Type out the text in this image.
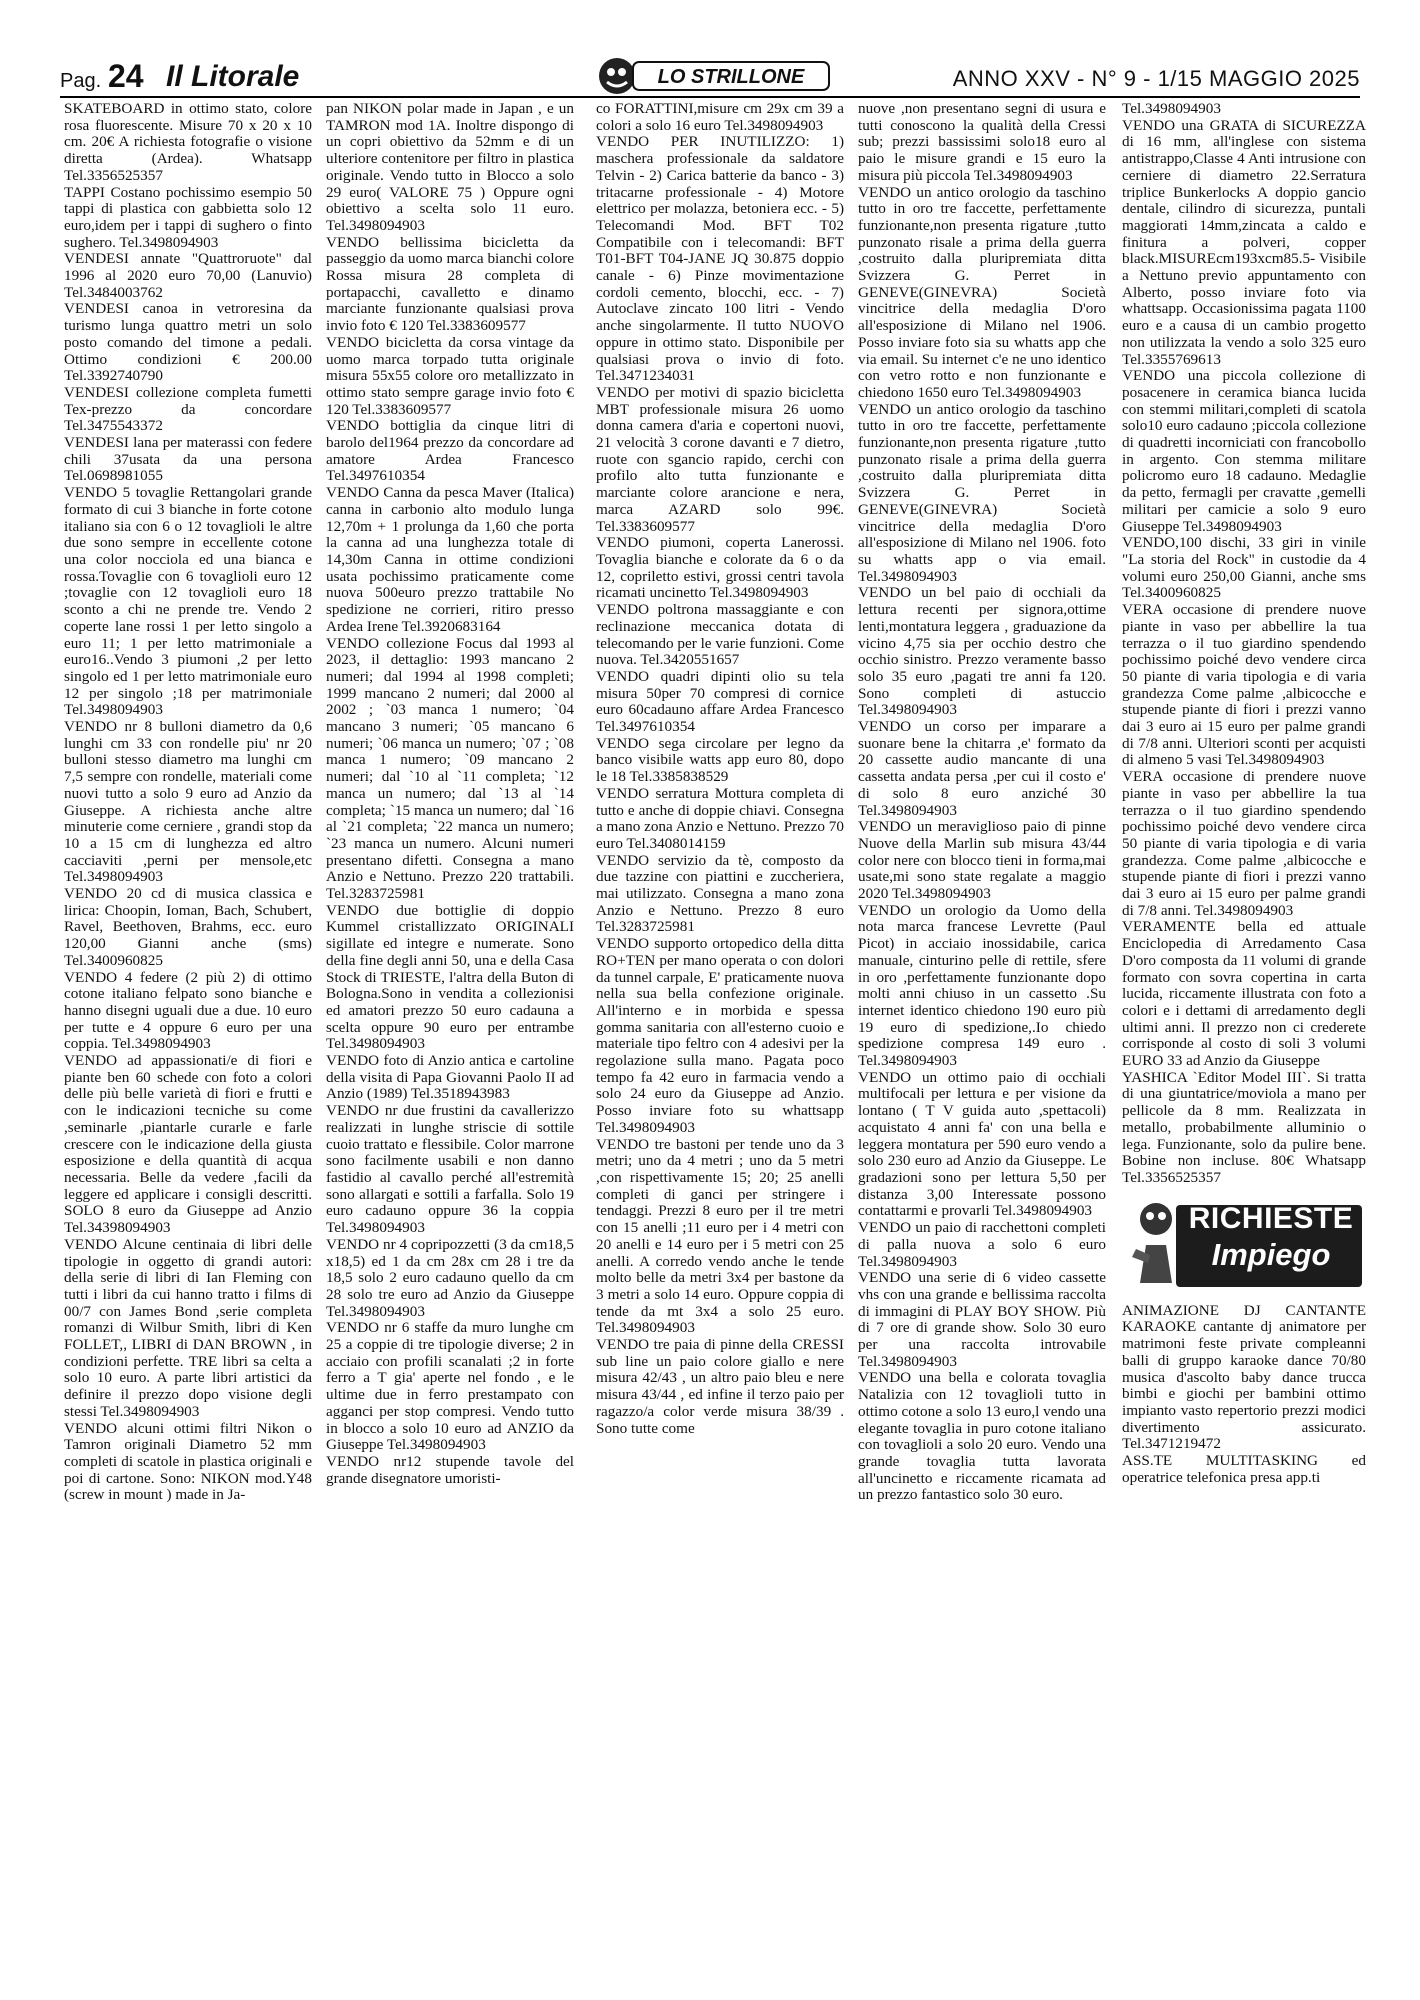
Pag. 24 Il Litorale	LO STRILLONE	ANNO XXV - N° 9 - 1/15 MAGGIO 2025

SKATEBOARD in ottimo stato, colore rosa fluorescente. Misure 70 x 20 x 10 cm. 20€ A richiesta fotografie o visione diretta (Ardea). Whatsapp Tel.3356525357

TAPPI Costano pochissimo esempio 50 tappi di plastica con gabbietta solo 12 euro,idem per i tappi di sughero o finto sughero. Tel.3498094903

VENDESI annate "Quattroruote" dal 1996 al 2020 euro 70,00 (Lanuvio) Tel.3484003762

VENDESI canoa in vetroresina da turismo lunga quattro metri un solo posto comando del timone a pedali. Ottimo condizioni € 200.00 Tel.3392740790

VENDESI collezione completa fumetti Tex-prezzo da concordare Tel.3475543372

VENDESI lana per materassi con federe chili 37usata da una persona Tel.0698981055

VENDO 5 tovaglie Rettangolari grande formato di cui 3 bianche in forte cotone italiano sia con 6 o 12 tovaglioli le altre due sono sempre in eccellente cotone una color nocciola ed una bianca e rossa.Tovaglie con 6 tovaglioli euro 12 ;tovaglie con 12 tovaglioli euro 18 sconto a chi ne prende tre. Vendo 2 coperte lane rossi 1 per letto singolo a euro 11; 1 per letto matrimoniale a euro16..Vendo 3 piumoni ,2 per letto singolo ed 1 per letto matrimoniale euro 12 per singolo ;18 per matrimoniale Tel.3498094903

VENDO nr 8 bulloni diametro da 0,6 lunghi cm 33 con rondelle piu' nr 20 bulloni stesso diametro ma lunghi cm 7,5 sempre con rondelle, materiali come nuovi tutto a solo 9 euro ad Anzio da Giuseppe. A richiesta anche altre minuterie come cerniere , grandi stop da 10 a 15 cm di lunghezza ed altro cacciaviti ,perni per mensole,etc Tel.3498094903

VENDO 20 cd di musica classica e lirica: Choopin, Ioman, Bach, Schubert, Ravel, Beethoven, Brahms, ecc. euro 120,00 Gianni anche (sms) Tel.3400960825

VENDO 4 federe (2 più 2) di ottimo cotone italiano felpato sono bianche e hanno disegni uguali due a due. 10 euro per tutte e 4 oppure 6 euro per una coppia. Tel.3498094903

VENDO ad appassionati/e di fiori e piante ben 60 schede con foto a colori delle più belle varietà di fiori e frutti e con le indicazioni tecniche su come ,seminarle ,piantarle curarle e farle crescere con le indicazione della giusta esposizione e della quantità di acqua necessaria. Belle da vedere ,facili da leggere ed applicare i consigli descritti. SOLO 8 euro da Giuseppe ad Anzio Tel.34398094903

VENDO Alcune centinaia di libri delle tipologie in oggetto di grandi autori: della serie di libri di Ian Fleming con tutti i libri da cui hanno tratto i films di 00/7 con James Bond ,serie completa romanzi di Wilbur Smith, libri di Ken FOLLET,, LIBRI di DAN BROWN , in condizioni perfette. TRE libri sa celta a solo 10 euro. A parte libri artistici da definire il prezzo dopo visione degli stessi Tel.3498094903

VENDO alcuni ottimi filtri Nikon o Tamron originali Diametro 52 mm completi di scatole in plastica originali e poi di cartone. Sono: NIKON mod.Y48 (screw in mount ) made in Ja-

pan NIKON polar made in Japan , e un TAMRON mod 1A. Inoltre dispongo di un copri obiettivo da 52mm e di un ulteriore contenitore per filtro in plastica originale. Vendo tutto in Blocco a solo 29 euro( VALORE 75 ) Oppure ogni obiettivo a scelta solo 11 euro. Tel.3498094903

VENDO bellissima bicicletta da passeggio da uomo marca bianchi colore Rossa misura 28 completa di portapacchi, cavalletto e dinamo marciante funzionante qualsiasi prova invio foto € 120 Tel.3383609577

VENDO bicicletta da corsa vintage da uomo marca torpado tutta originale misura 55x55 colore oro metallizzato in ottimo stato sempre garage invio foto € 120 Tel.3383609577

VENDO bottiglia da cinque litri di barolo del1964 prezzo da concordare ad amatore Ardea Francesco Tel.3497610354

VENDO Canna da pesca Maver (Italica) canna in carbonio alto modulo lunga 12,70m + 1 prolunga da 1,60 che porta la canna ad una lunghezza totale di 14,30m Canna in ottime condizioni usata pochissimo praticamente come nuova 500euro prezzo trattabile No spedizione ne corrieri, ritiro presso Ardea Irene Tel.3920683164

VENDO collezione Focus dal 1993 al 2023, il dettaglio: 1993 mancano 2 numeri; dal 1994 al 1998 completi; 1999 mancano 2 numeri; dal 2000 al 2002 ; `03 manca 1 numero; `04 mancano 3 numeri; `05 mancano 6 numeri; `06 manca un numero; `07 ; `08 manca 1 numero; `09 mancano 2 numeri; dal `10 al `11 completa; `12 manca un numero; dal `13 al `14 completa; `15 manca un numero; dal `16 al `21 completa; `22 manca un numero; `23 manca un numero. Alcuni numeri presentano difetti. Consegna a mano Anzio e Nettuno. Prezzo 220 trattabili. Tel.3283725981

VENDO due bottiglie di doppio Kummel cristallizzato ORIGINALI sigillate ed integre e numerate. Sono della fine degli anni 50, una e della Casa Stock di TRIESTE, l'altra della Buton di Bologna.Sono in vendita a collezionisi ed amatori prezzo 50 euro cadauna a scelta oppure 90 euro per entrambe Tel.3498094903

VENDO foto di Anzio antica e cartoline della visita di Papa Giovanni Paolo II ad Anzio (1989) Tel.3518943983

VENDO nr due frustini da cavallerizzo realizzati in lunghe striscie di sottile cuoio trattato e flessibile. Color marrone sono facilmente usabili e non danno fastidio al cavallo perché all'estremità sono allargati e sottili a farfalla. Solo 19 euro cadauno oppure 36 la coppia Tel.3498094903

VENDO nr 4 copripozzetti (3 da cm18,5 x18,5) ed 1 da cm 28x cm 28 i tre da 18,5 solo 2 euro cadauno quello da cm 28 solo tre euro ad Anzio da Giuseppe Tel.3498094903

VENDO nr 6 staffe da muro lunghe cm 25 a coppie di tre tipologie diverse; 2 in acciaio con profili scanalati ;2 in forte ferro a T gia' aperte nel fondo , e le ultime due in ferro prestampato con agganci per stop compresi. Vendo tutto in blocco a solo 10 euro ad ANZIO da Giuseppe Tel.3498094903

VENDO nr12 stupende tavole del grande disegnatore umoristi-

co FORATTINI,misure cm 29x cm 39 a colori a solo 16 euro Tel.3498094903

VENDO PER INUTILIZZO: 1) maschera professionale da saldatore Telvin - 2) Carica batterie da banco - 3) tritacarne professionale - 4) Motore elettrico per molazza, betoniera ecc. - 5) Telecomandi Mod. BFT T02 Compatibile con i telecomandi: BFT T01-BFT T04-JANE JQ 30.875 doppio canale - 6) Pinze movimentazione cordoli cemento, blocchi, ecc. - 7) Autoclave zincato 100 litri - Vendo anche singolarmente. Il tutto NUOVO oppure in ottimo stato. Disponibile per qualsiasi prova o invio di foto. Tel.3471234031

VENDO per motivi di spazio bicicletta MBT professionale misura 26 uomo donna camera d'aria e copertoni nuovi, 21 velocità 3 corone davanti e 7 dietro, ruote con sgancio rapido, cerchi con profilo alto tutta funzionante e marciante colore arancione e nera, marca AZARD solo 99€. Tel.3383609577

VENDO piumoni, coperta Lanerossi. Tovaglia bianche e colorate da 6 o da 12, copriletto estivi, grossi centri tavola ricamati uncinetto Tel.3498094903

VENDO poltrona massaggiante e con reclinazione meccanica dotata di telecomando per le varie funzioni. Come nuova. Tel.3420551657

VENDO quadri dipinti olio su tela misura 50per 70 compresi di cornice euro 60cadauno affare Ardea Francesco Tel.3497610354

VENDO sega circolare per legno da banco visibile watts app euro 80, dopo le 18 Tel.3385838529

VENDO serratura Mottura completa di tutto e anche di doppie chiavi. Consegna a mano zona Anzio e Nettuno. Prezzo 70 euro Tel.3408014159

VENDO servizio da tè, composto da due tazzine con piattini e zuccheriera, mai utilizzato. Consegna a mano zona Anzio e Nettuno. Prezzo 8 euro Tel.3283725981

VENDO supporto ortopedico della ditta RO+TEN per mano operata o con dolori da tunnel carpale, E' praticamente nuova nella sua bella confezione originale. All'interno e in morbida e spessa gomma sanitaria con all'esterno cuoio e materiale tipo feltro con 4 adesivi per la regolazione sulla mano. Pagata poco tempo fa 42 euro in farmacia vendo a solo 24 euro da Giuseppe ad Anzio. Posso inviare foto su whattsapp Tel.3498094903

VENDO tre bastoni per tende uno da 3 metri; uno da 4 metri ; uno da 5 metri ,con rispettivamente 15; 20; 25 anelli completi di ganci per stringere i tendaggi. Prezzi 8 euro per il tre metri con 15 anelli ;11 euro per i 4 metri con 20 anelli e 14 euro per i 5 metri con 25 anelli. A corredo vendo anche le tende molto belle da metri 3x4 per bastone da 3 metri a solo 14 euro. Oppure coppia di tende da mt 3x4 a solo 25 euro. Tel.3498094903

VENDO tre paia di pinne della CRESSI sub line un paio colore giallo e nere misura 42/43 , un altro paio bleu e nere misura 43/44 , ed infine il terzo paio per ragazzo/a color verde misura 38/39 . Sono tutte come

nuove ,non presentano segni di usura e tutti conoscono la qualità della Cressi sub; prezzi bassissimi solo18 euro al paio le misure grandi e 15 euro la misura più piccola Tel.3498094903

VENDO un antico orologio da taschino tutto in oro tre faccette, perfettamente funzionante,non presenta rigature ,tutto punzonato risale a prima della guerra ,costruito dalla pluripremiata ditta Svizzera G. Perret in GENEVE(GINEVRA) Società vincitrice della medaglia D'oro all'esposizione di Milano nel 1906. Posso inviare foto sia su whatts app che via email. Su internet c'e ne uno identico con vetro rotto e non funzionante e chiedono 1650 euro Tel.3498094903

VENDO un antico orologio da taschino tutto in oro tre faccette, perfettamente funzionante,non presenta rigature ,tutto punzonato risale a prima della guerra ,costruito dalla pluripremiata ditta Svizzera G. Perret in GENEVE(GINEVRA) Società vincitrice della medaglia D'oro all'esposizione di Milano nel 1906. foto su whatts app o via email. Tel.3498094903

VENDO un bel paio di occhiali da lettura recenti per signora,ottime lenti,montatura leggera , graduazione da vicino 4,75 sia per occhio destro che occhio sinistro. Prezzo veramente basso solo 35 euro ,pagati tre anni fa 120. Sono completi di astuccio Tel.3498094903

VENDO un corso per imparare a suonare bene la chitarra ,e' formato da 20 cassette audio mancante di una cassetta andata persa ,per cui il costo e' di solo 8 euro anziché 30 Tel.3498094903

VENDO un meraviglioso paio di pinne Nuove della Marlin sub misura 43/44 color nere con blocco tieni in forma,mai usate,mi sono state regalate a maggio 2020 Tel.3498094903

VENDO un orologio da Uomo della nota marca francese Levrette (Paul Picot) in acciaio inossidabile, carica manuale, cinturino pelle di rettile, sfere in oro ,perfettamente funzionante dopo molti anni chiuso in un cassetto .Su internet identico chiedono 190 euro più 19 euro di spedizione,.Io chiedo spedizione compresa 149 euro . Tel.3498094903

VENDO un ottimo paio di occhiali multifocali per lettura e per visione da lontano ( T V guida auto ,spettacoli) acquistato 4 anni fa' con una bella e leggera montatura per 590 euro vendo a solo 230 euro ad Anzio da Giuseppe. Le gradazioni sono per lettura 5,50 per distanza 3,00 Interessate possono contattarmi e provarli Tel.3498094903

VENDO un paio di racchettoni completi di palla nuova a solo 6 euro Tel.3498094903

VENDO una serie di 6 video cassette vhs con una grande e bellissima raccolta di immagini di PLAY BOY SHOW. Più di 7 ore di grande show. Solo 30 euro per una raccolta introvabile Tel.3498094903

VENDO una bella e colorata tovaglia Natalizia con 12 tovaglioli tutto in ottimo cotone a solo 13 euro,l vendo una elegante tovaglia in puro cotone italiano con tovaglioli a solo 20 euro. Vendo una grande tovaglia tutta lavorata all'uncinetto e riccamente ricamata ad un prezzo fantastico solo 30 euro.

Tel.3498094903

VENDO una GRATA di SICUREZZA di 16 mm, all'inglese con sistema antistrappo,Classe 4 Anti intrusione con cerniere di diametro 22.Serratura triplice Bunkerlocks A doppio gancio dentale, cilindro di sicurezza, puntali maggiorati 14mm,zincata a caldo e finitura a polveri, copper black.MISUREcm193xcm85.5- Visibile a Nettuno previo appuntamento con Alberto, posso inviare foto via whattsapp. Occasionissima pagata 1100 euro e a causa di un cambio progetto non utilizzata la vendo a solo 325 euro Tel.3355769613

VENDO una piccola collezione di posacenere in ceramica bianca lucida con stemmi militari,completi di scatola solo10 euro cadauno ;piccola collezione di quadretti incorniciati con francobollo in argento. Con stemma militare policromo euro 18 cadauno. Medaglie da petto, fermagli per cravatte ,gemelli militari per camicie a solo 9 euro Giuseppe Tel.3498094903

VENDO,100 dischi, 33 giri in vinile "La storia del Rock" in custodie da 4 volumi euro 250,00 Gianni, anche sms Tel.3400960825

VERA occasione di prendere nuove piante in vaso per abbellire la tua terrazza o il tuo giardino spendendo pochissimo poiché devo vendere circa 50 piante di varia tipologia e di varia grandezza Come palme ,albicocche e stupende piante di fiori i prezzi vanno dai 3 euro ai 15 euro per palme grandi di 7/8 anni. Ulteriori sconti per acquisti di almeno 5 vasi Tel.3498094903

VERA occasione di prendere nuove piante in vaso per abbellire la tua terrazza o il tuo giardino spendendo pochissimo poiché devo vendere circa 50 piante di varia tipologia e di varia grandezza. Come palme ,albicocche e stupende piante di fiori i prezzi vanno dai 3 euro ai 15 euro per palme grandi di 7/8 anni. Tel.3498094903

VERAMENTE bella ed attuale Enciclopedia di Arredamento Casa D'oro composta da 11 volumi di grande formato con sovra copertina in carta lucida, riccamente illustrata con foto a colori e i dettami di arredamento degli ultimi anni. Il prezzo non ci crederete corrisponde al costo di soli 3 volumi EURO 33 ad Anzio da Giuseppe

YASHICA `Editor Model III`. Si tratta di una giuntatrice/moviola a mano per pellicole da 8 mm. Realizzata in metallo, probabilmente alluminio o lega. Funzionante, solo da pulire bene. Bobine non incluse. 80€ Whatsapp Tel.3356525357

RICHIESTE
Impiego

ANIMAZIONE DJ CANTANTE KARAOKE cantante dj animatore per matrimoni feste private compleanni balli di gruppo karaoke dance 70/80 musica d'ascolto baby dance trucca bimbi e giochi per bambini ottimo impianto vasto repertorio prezzi modici divertimento assicurato. Tel.3471219472

ASS.TE MULTITASKING ed operatrice telefonica presa app.ti
